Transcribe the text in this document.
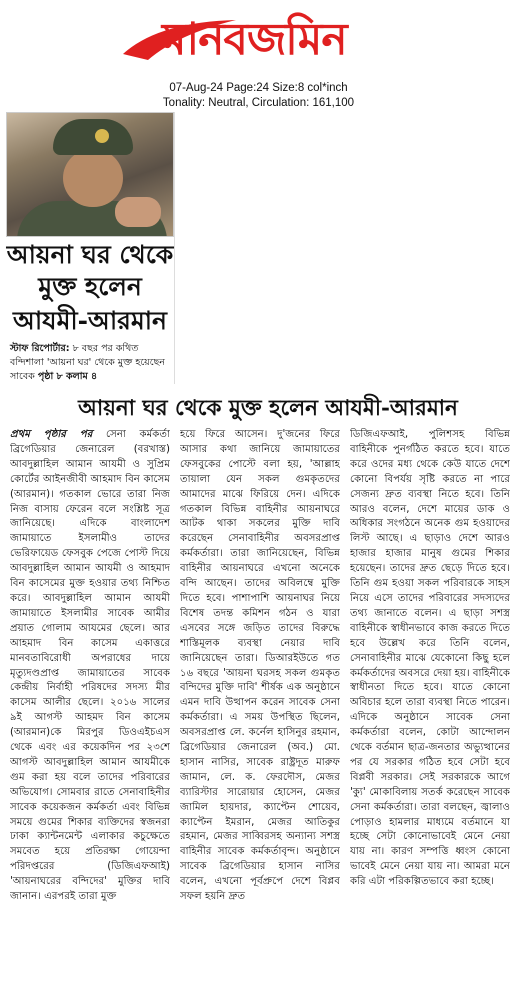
মানবজমিন
07-Aug-24 Page:24 Size:8 col*inch
Tonality: Neutral, Circulation: 161,100
আয়না ঘর থেকে
মুক্ত হলেন
আযমী-আরমান
স্টাফ রিপোর্টার: ৮ বছর পর কথিত বন্দিশালা 'আয়না ঘর' থেকে মুক্ত হয়েছেন সাবেক পৃষ্ঠা ৮ কলাম ৪
আয়না ঘর থেকে মুক্ত হলেন আযমী-আরমান
প্রথম পৃষ্ঠার পর সেনা কর্মকর্তা ব্রিগেডিয়ার জেনারেল (বরখাস্ত) আবদুল্লাহিল আমান আযমী ও সুপ্রিম কোর্টের আইনজীবী আহমাদ বিন কাসেম (আরমান)। গতকাল ভোরে তারা নিজ নিজ বাসায় ফেরেন বলে সংশ্লিষ্ট সূত্র জানিয়েছে। এদিকে বাংলাদেশ জামায়াতে ইসলামীও তাদের ভেরিফায়েড ফেসবুক পেজে পোস্ট দিয়ে আবদুল্লাহিল আমান আযমী ও আহমাদ বিন কাসেমের মুক্ত হওয়ার তথ্য নিশ্চিত করে। আবদুল্লাহিল আমান আযমী জামায়াতে ইসলামীর সাবেক আমীর প্রয়াত গোলাম আযমের ছেলে। আর আহমাদ বিন কাসেম একাত্তরে মানবতাবিরোধী অপরাধের দায়ে মৃত্যুদণ্ডপ্রাপ্ত জামায়াতের সাবেক কেন্দ্রীয় নির্বাহী পরিষদের সদস্য মীর কাসেম আলীর ছেলে। ২০১৬ সালের ৯ই আগস্ট আহমদ বিন কাসেম (আরমান)কে মিরপুর ডিওএইচএস থেকে এবং এর কয়েকদিন পর ২৩শে আগস্ট আবদুল্লাহিল আমান আযমীকে গুম করা হয় বলে তাদের পরিবারের অভিযোগ। সোমবার রাতে সেনাবাহিনীর সাবেক কয়েকজন কর্মকর্তা এবং বিভিন্ন সময়ে গুমের শিকার ব্যক্তিদের স্বজনরা ঢাকা ক্যান্টনমেন্ট এলাকার কচুক্ষেতে সমবেত হয়ে প্রতিরক্ষা গোয়েন্দা পরিদপ্তরের (ডিজিএফআই) 'আয়নাঘরের বন্দিদের' মুক্তির দাবি জানান। এরপরই তারা মুক্ত
হয়ে ফিরে আসেন। দু'জনের ফিরে আসার কথা জানিয়ে জামায়াতের ফেসবুকের পোস্টে বলা হয়, 'আল্লাহ তায়ালা যেন সকল গুমকৃতদের আমাদের মাঝে ফিরিয়ে দেন। এদিকে গতকাল বিভিন্ন বাহিনীর আয়নাঘরে আটক থাকা সকলের মুক্তি দাবি করেছেন সেনাবাহিনীর অবসরপ্রাপ্ত কর্মকর্তারা। তারা জানিয়েছেন, বিভিন্ন বাহিনীর আয়নাঘরে এখনো অনেকে বন্দি আছেন। তাদের অবিলম্বে মুক্তি দিতে হবে। পাশাপাশি আয়নাঘর নিয়ে বিশেষ তদন্ত কমিশন গঠন ও যারা এসবের সঙ্গে জড়িত তাদের বিরুদ্ধে শাস্তিমূলক ব্যবস্থা নেয়ার দাবি জানিয়েছেন তারা। ডিআরইউতে গত ১৬ বছরে 'আয়না ঘরসহ সকল গুমকৃত বন্দিদের মুক্তি দাবি' শীর্ষক এক অনুষ্ঠানে এমন দাবি উত্থাপন করেন সাবেক সেনা কর্মকর্তারা। এ সময় উপস্থিত ছিলেন, অবসরপ্রাপ্ত লে. কর্নেল হাসিনুর রহমান, ব্রিগেডিয়ার জেনারেল (অব.) মো. হাসান নাসির, সাবেক রাষ্ট্রদূত মারুফ জামান, লে. ক. ফেরদৌস, মেজর ব্যারিস্টার সারোয়ার হোসেন, মেজর জামিল হায়দার, ক্যাপ্টেন শোয়েব, ক্যাপ্টেন ইমরান, মেজর আতিকুর রহমান, মেজর সাব্বিরসহ অন্যান্য সশস্ত্র বাহিনীর সাবেক কর্মকর্তাবৃন্দ। অনুষ্ঠানে সাবেক ব্রিগেডিয়ার হাসান নাসির বলেন, এখনো পূর্বপ্রুপে দেশে বিপ্লব সফল হয়নি দ্রুত
ডিজিএফআই, পুলিশসহ বিভিন্ন বাহিনীকে পুনর্গঠিত করতে হবে। যাতে করে ওদের মধ্য থেকে কেউ যাতে দেশে কোনো বিপর্যয় সৃষ্টি করতে না পারে সেজন্য দ্রুত ব্যবস্থা নিতে হবে। তিনি আরও বলেন, দেশে মায়ের ডাক ও অধিকার সংগঠনে অনেক গুম হওয়াদের লিস্ট আছে। এ ছাড়াও দেশে আরও হাজার হাজার মানুষ গুমের শিকার হয়েছেন। তাদের দ্রুত ছেড়ে দিতে হবে। তিনি গুম হওয়া সকল পরিবারকে সাহস নিয়ে এসে তাদের পরিবারের সদস্যদের তথ্য জানাতে বলেন। এ ছাড়া সশস্ত্র বাহিনীকে স্বাধীনভাবে কাজ করতে দিতে হবে উল্লেখ করে তিনি বলেন, সেনাবাহিনীর মাঝে যেকোনো কিছু হলে কর্মকর্তাদের অবসরে দেয়া হয়। বাহিনীকে স্বাধীনতা দিতে হবে। যাতে কোনো অবিচার হলে তারা ব্যবস্থা নিতে পারেন। এদিকে অনুষ্ঠানে সাবেক সেনা কর্মকর্তারা বলেন, কোটা আন্দোলন থেকে বর্তমান ছাত্র-জনতার অভ্যুত্থানের পর যে সরকার গঠিত হবে সেটা হবে বিপ্লবী সরকার। সেই সরকারকে আগে 'ক্যু' মোকাবিলায় সতর্ক করেছেন সাবেক সেনা কর্মকর্তারা। তারা বলছেন, জ্বালাও পোড়াও হামলার মাধ্যমে বর্তমানে যা হচ্ছে সেটা কোনোভাবেই মেনে নেয়া যায় না। কারণ সম্পত্তি ধ্বংস কোনো ভাবেই মেনে নেয়া যায় না। আমরা মনে করি এটা পরিকল্পিতভাবে করা হচ্ছে।
